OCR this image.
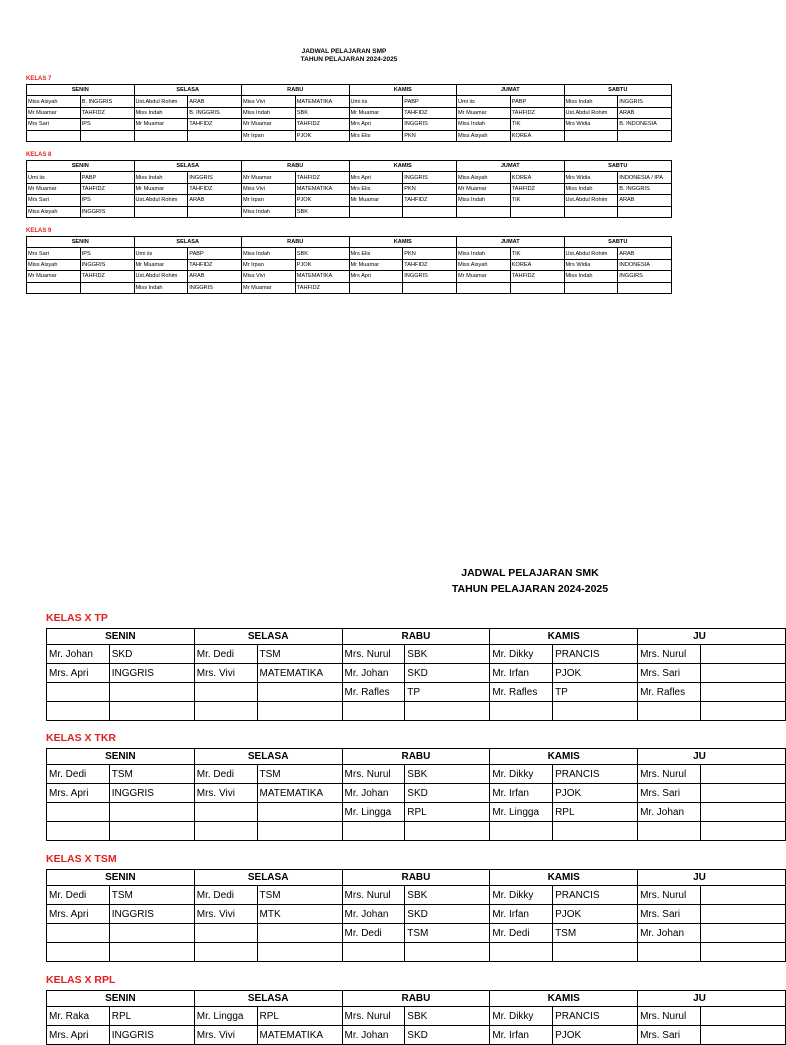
JADWAL PELAJARAN SMP
TAHUN PELAJARAN 2024-2025
KELAS 7
SENIN		SELASA		RABU		KAMIS		JUMAT		SABTU	
Miss Aisyah	B. INGGRIS	Ust.Abdul Rohim	ARAB	Miss Vivi	MATEMATIKA	Umi iis	PABP	Umi iis	PABP	Miss Indah	INGGRIS
Mr Muamar	TAHFIDZ	Miss Indah	B. INGGRIS	Miss Indah	SBK	Mr Muamar	TAHFIDZ	Mr Muamar	TAHFIDZ	Ust.Abdul Rohim	ARAB
Mrs Sari	IPS	Mr Muamar	TAHFIDZ	Mr Muamar	TAHFIDZ	Mrs Apri	INGGRIS	Miss Indah	TIK	Mrs Widia	B. INDONESIA
				Mr Irpan	PJOK	Mrs Elis	PKN	Miss Aisyah	KOREA		
KELAS 8
SENIN		SELASA		RABU		KAMIS		JUMAT		SABTU	
Umi iis	PABP	Miss Indah	INGGRIS	Mr Muamar	TAHFIDZ	Mrs Apri	INGGRIS	Miss Aisyah	KOREA	Mrs Widia	INDONESIA / IPA
Mr Muamar	TAHFIDZ	Mr Muamar	TAHFIDZ	Miss Vivi	MATEMATIKA	Mrs Elis	PKN	Mr Muamar	TAHFIDZ	Miss Indah	B. INGGRIS
Mrs Sari	IPS	Ust.Abdul Rohim	ARAB	Mr Irpan	PJOK	Mr Muamar	TAHFIDZ	Miss Indah	TIK	Ust.Abdul Rohim	ARAB
Miss Aisyah	INGGRIS			Miss Indah	SBK						
KELAS 9
SENIN		SELASA		RABU		KAMIS		JUMAT		SABTU	
Mrs Sari	IPS	Umi iis	PABP	Miss Indah	SBK	Mrs Elis	PKN	Miss Indah	TIK	Ust.Abdul Rohim	ARAB
Miss Aisyah	INGGRIS	Mr Muamar	TAHFIDZ	Mr Irpan	PJOK	Mr Muamar	TAHFIDZ	Miss Aisyah	KOREA	Mrs Widia	INDONESIA
Mr Muamar	TAHFIDZ	Ust.Abdul Rohim	ARAB	Miss Vivi	MATEMATIKA	Mrs Apri	INGGRIS	Mr Muamar	TAHFIDZ	Miss Indah	INGGIRS
		Miss Indah	INGGRIS	Mr Muamar	TAHFIDZ						
JADWAL PELAJARAN SMK
TAHUN PELAJARAN 2024-2025
KELAS X TP
SENIN		SELASA		RABU		KAMIS		JU	
Mr. Johan	SKD	Mr. Dedi	TSM	Mrs. Nurul	SBK	Mr. Dikky	PRANCIS	Mrs. Nurul	
Mrs. Apri	INGGRIS	Mrs. Vivi	MATEMATIKA	Mr. Johan	SKD	Mr. Irfan	PJOK	Mrs. Sari	
				Mr. Rafles	TP	Mr. Rafles	TP	Mr. Rafles	

KELAS X TKR
SENIN		SELASA		RABU		KAMIS		JU	
Mr. Dedi	TSM	Mr. Dedi	TSM	Mrs. Nurul	SBK	Mr. Dikky	PRANCIS	Mrs. Nurul	
Mrs. Apri	INGGRIS	Mrs. Vivi	MATEMATIKA	Mr. Johan	SKD	Mr. Irfan	PJOK	Mrs. Sari	
				Mr. Lingga	RPL	Mr. Lingga	RPL	Mr. Johan	

KELAS X TSM
SENIN		SELASA		RABU		KAMIS		JU	
Mr. Dedi	TSM	Mr. Dedi	TSM	Mrs. Nurul	SBK	Mr. Dikky	PRANCIS	Mrs. Nurul	
Mrs. Apri	INGGRIS	Mrs. Vivi	MTK	Mr. Johan	SKD	Mr. Irfan	PJOK	Mrs. Sari	
				Mr. Dedi	TSM	Mr. Dedi	TSM	Mr. Johan	

KELAS X RPL
SENIN		SELASA		RABU		KAMIS		JU	
Mr. Raka	RPL	Mr. Lingga	RPL	Mrs. Nurul	SBK	Mr. Dikky	PRANCIS	Mrs. Nurul	
Mrs. Apri	INGGRIS	Mrs. Vivi	MATEMATIKA	Mr. Johan	SKD	Mr. Irfan	PJOK	Mrs. Sari	
